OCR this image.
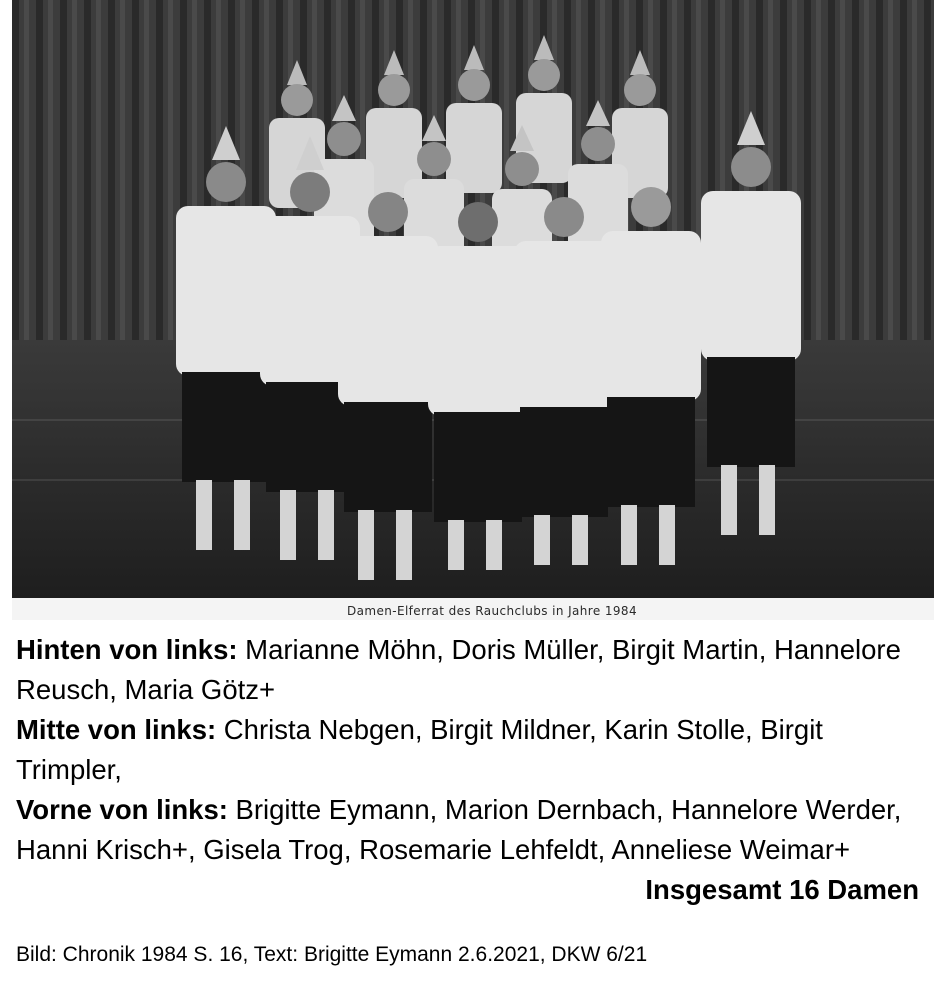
Damen-Elferrat des Rauchclubs in Jahre 1984

Hinten von links: Marianne Möhn, Doris Müller, Birgit Martin, Hannelore Reusch, Maria Götz+

Mitte von links: Christa Nebgen, Birgit Mildner, Karin Stolle, Birgit Trimpler,

Vorne von links: Brigitte Eymann, Marion Dernbach, Hannelore Werder, Hanni Krisch+, Gisela Trog, Rosemarie Lehfeldt, Anneliese Weimar+

Insgesamt 16 Damen
Bild: Chronik 1984 S. 16, Text: Brigitte Eymann 2.6.2021, DKW 6/21
